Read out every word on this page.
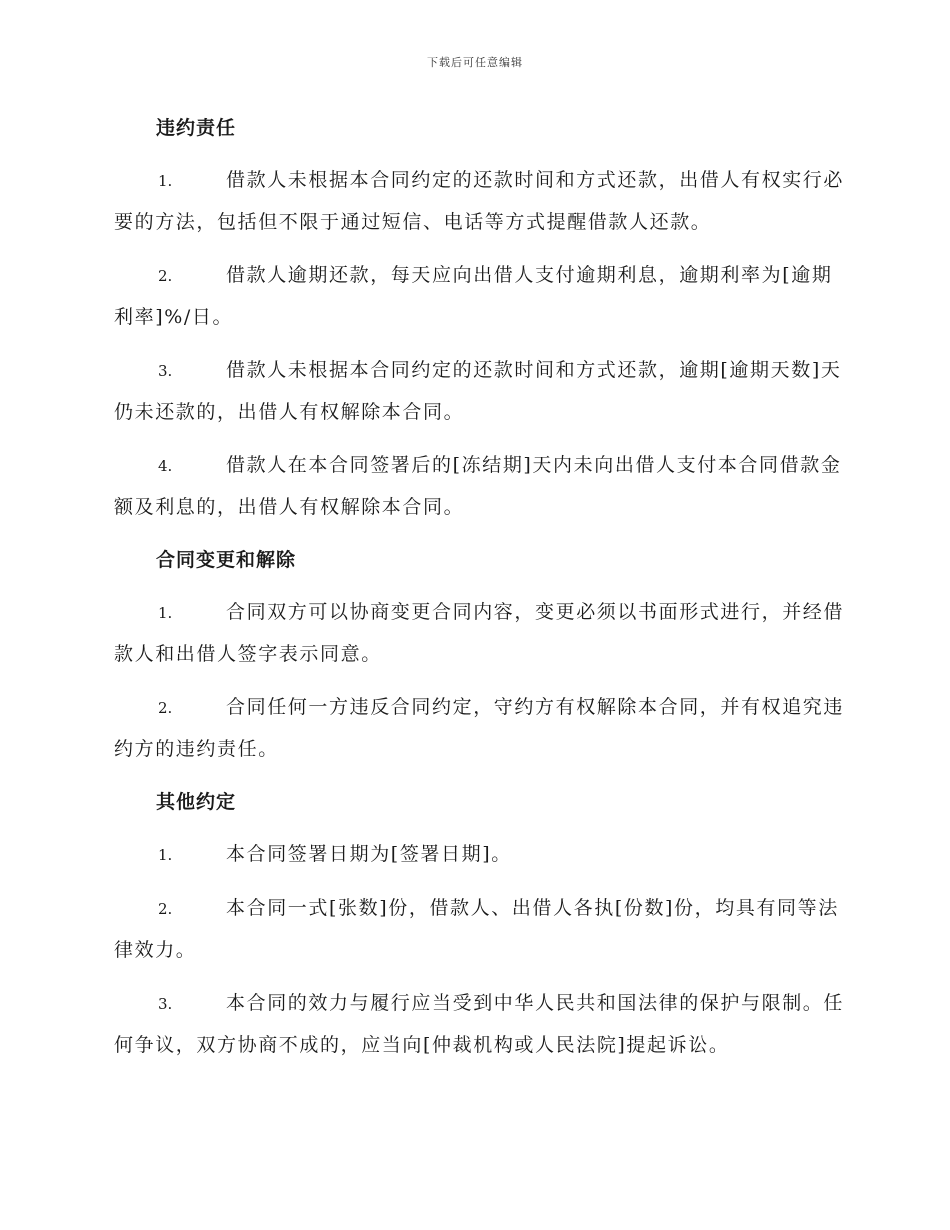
下载后可任意编辑
违约责任
1.	借款人未根据本合同约定的还款时间和方式还款，出借人有权实行必要的方法，包括但不限于通过短信、电话等方式提醒借款人还款。
2.	借款人逾期还款，每天应向出借人支付逾期利息，逾期利率为[逾期利率]%/日。
3.	借款人未根据本合同约定的还款时间和方式还款，逾期[逾期天数]天仍未还款的，出借人有权解除本合同。
4.	借款人在本合同签署后的[冻结期]天内未向出借人支付本合同借款金额及利息的，出借人有权解除本合同。
合同变更和解除
1.	合同双方可以协商变更合同内容，变更必须以书面形式进行，并经借款人和出借人签字表示同意。
2.	合同任何一方违反合同约定，守约方有权解除本合同，并有权追究违约方的违约责任。
其他约定
1.	本合同签署日期为[签署日期]。
2.	本合同一式[张数]份，借款人、出借人各执[份数]份，均具有同等法律效力。
3.	本合同的效力与履行应当受到中华人民共和国法律的保护与限制。任何争议，双方协商不成的，应当向[仲裁机构或人民法院]提起诉讼。
